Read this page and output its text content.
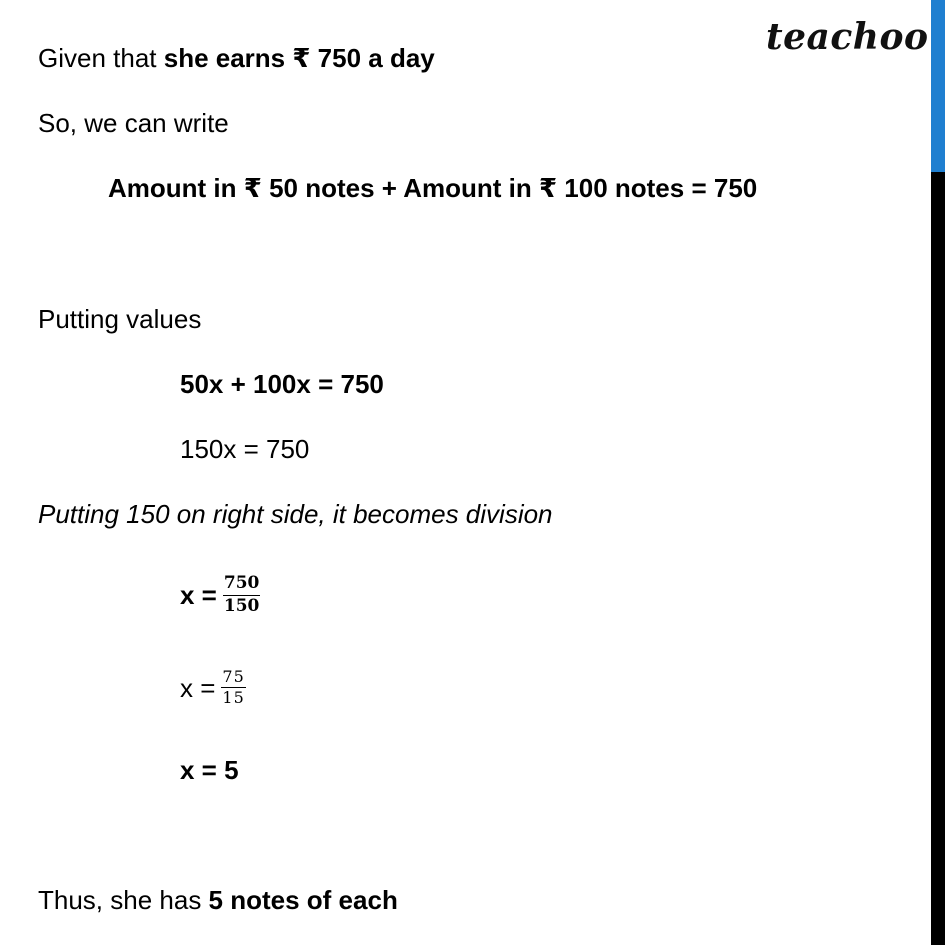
teachoo
Given that she earns ₹ 750 a day
So, we can write
Amount in ₹ 50 notes + Amount in ₹ 100 notes = 750
Putting values
50x + 100x = 750
150x = 750
Putting 150 on right side, it becomes division
$x = \frac{750}{150}$
$x = \frac{75}{15}$
x = 5
Thus, she has 5 notes of each
